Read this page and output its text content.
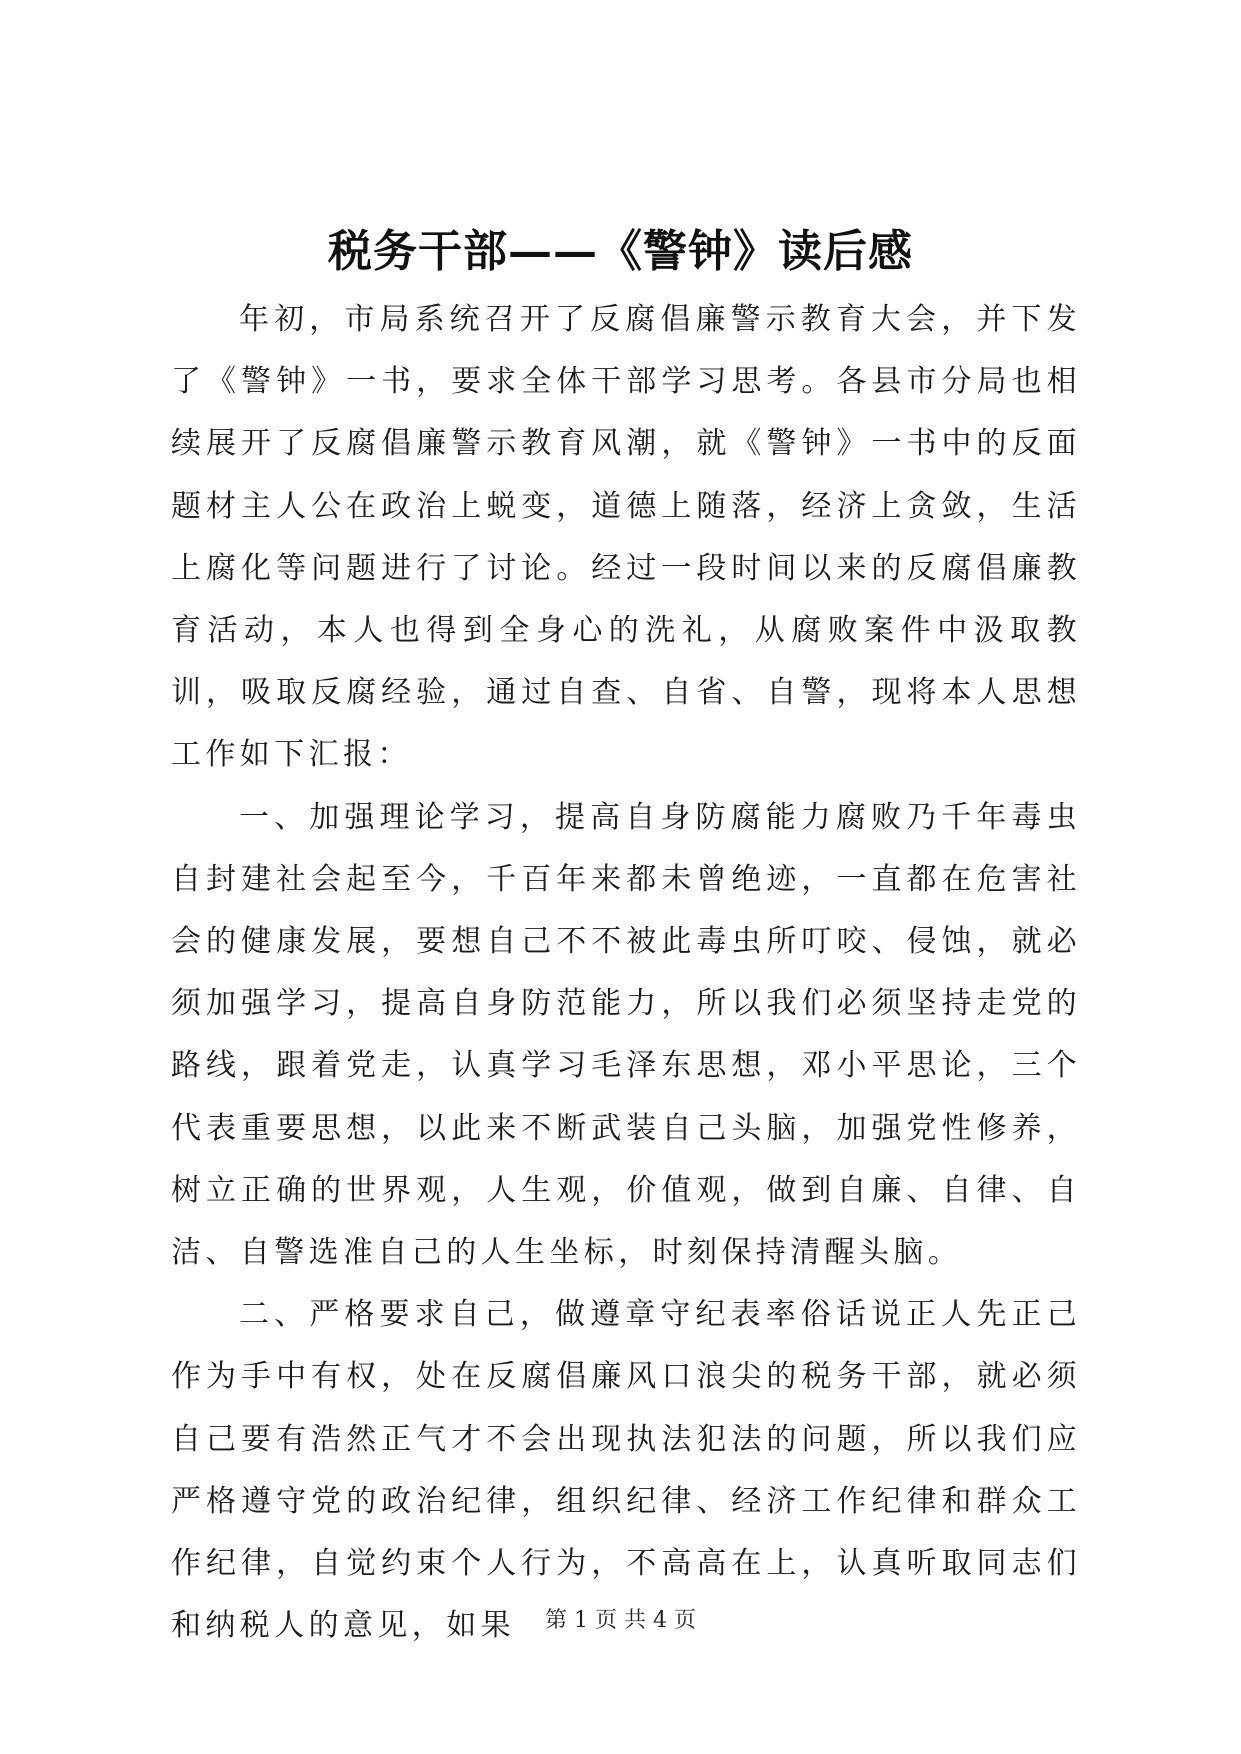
税务干部——《警钟》读后感

年初，市局系统召开了反腐倡廉警示教育大会，并下发了《警钟》一书，要求全体干部学习思考。各县市分局也相续展开了反腐倡廉警示教育风潮，就《警钟》一书中的反面题材主人公在政治上蜕变，道德上随落，经济上贪敛，生活上腐化等问题进行了讨论。经过一段时间以来的反腐倡廉教育活动，本人也得到全身心的洗礼，从腐败案件中汲取教训，吸取反腐经验，通过自查、自省、自警，现将本人思想工作如下汇报：

一、加强理论学习，提高自身防腐能力腐败乃千年毒虫自封建社会起至今，千百年来都未曾绝迹，一直都在危害社会的健康发展，要想自己不不被此毒虫所叮咬、侵蚀，就必须加强学习，提高自身防范能力，所以我们必须坚持走党的路线，跟着党走，认真学习毛泽东思想，邓小平思论，三个代表重要思想，以此来不断武装自己头脑，加强党性修养，树立正确的世界观，人生观，价值观，做到自廉、自律、自洁、自警选准自己的人生坐标，时刻保持清醒头脑。

二、严格要求自己，做遵章守纪表率俗话说正人先正己作为手中有权，处在反腐倡廉风口浪尖的税务干部，就必须自己要有浩然正气才不会出现执法犯法的问题，所以我们应严格遵守党的政治纪律，组织纪律、经济工作纪律和群众工作纪律，自觉约束个人行为，不高高在上，认真听取同志们和纳税人的意见，如果	第 1 页 共 4 页
